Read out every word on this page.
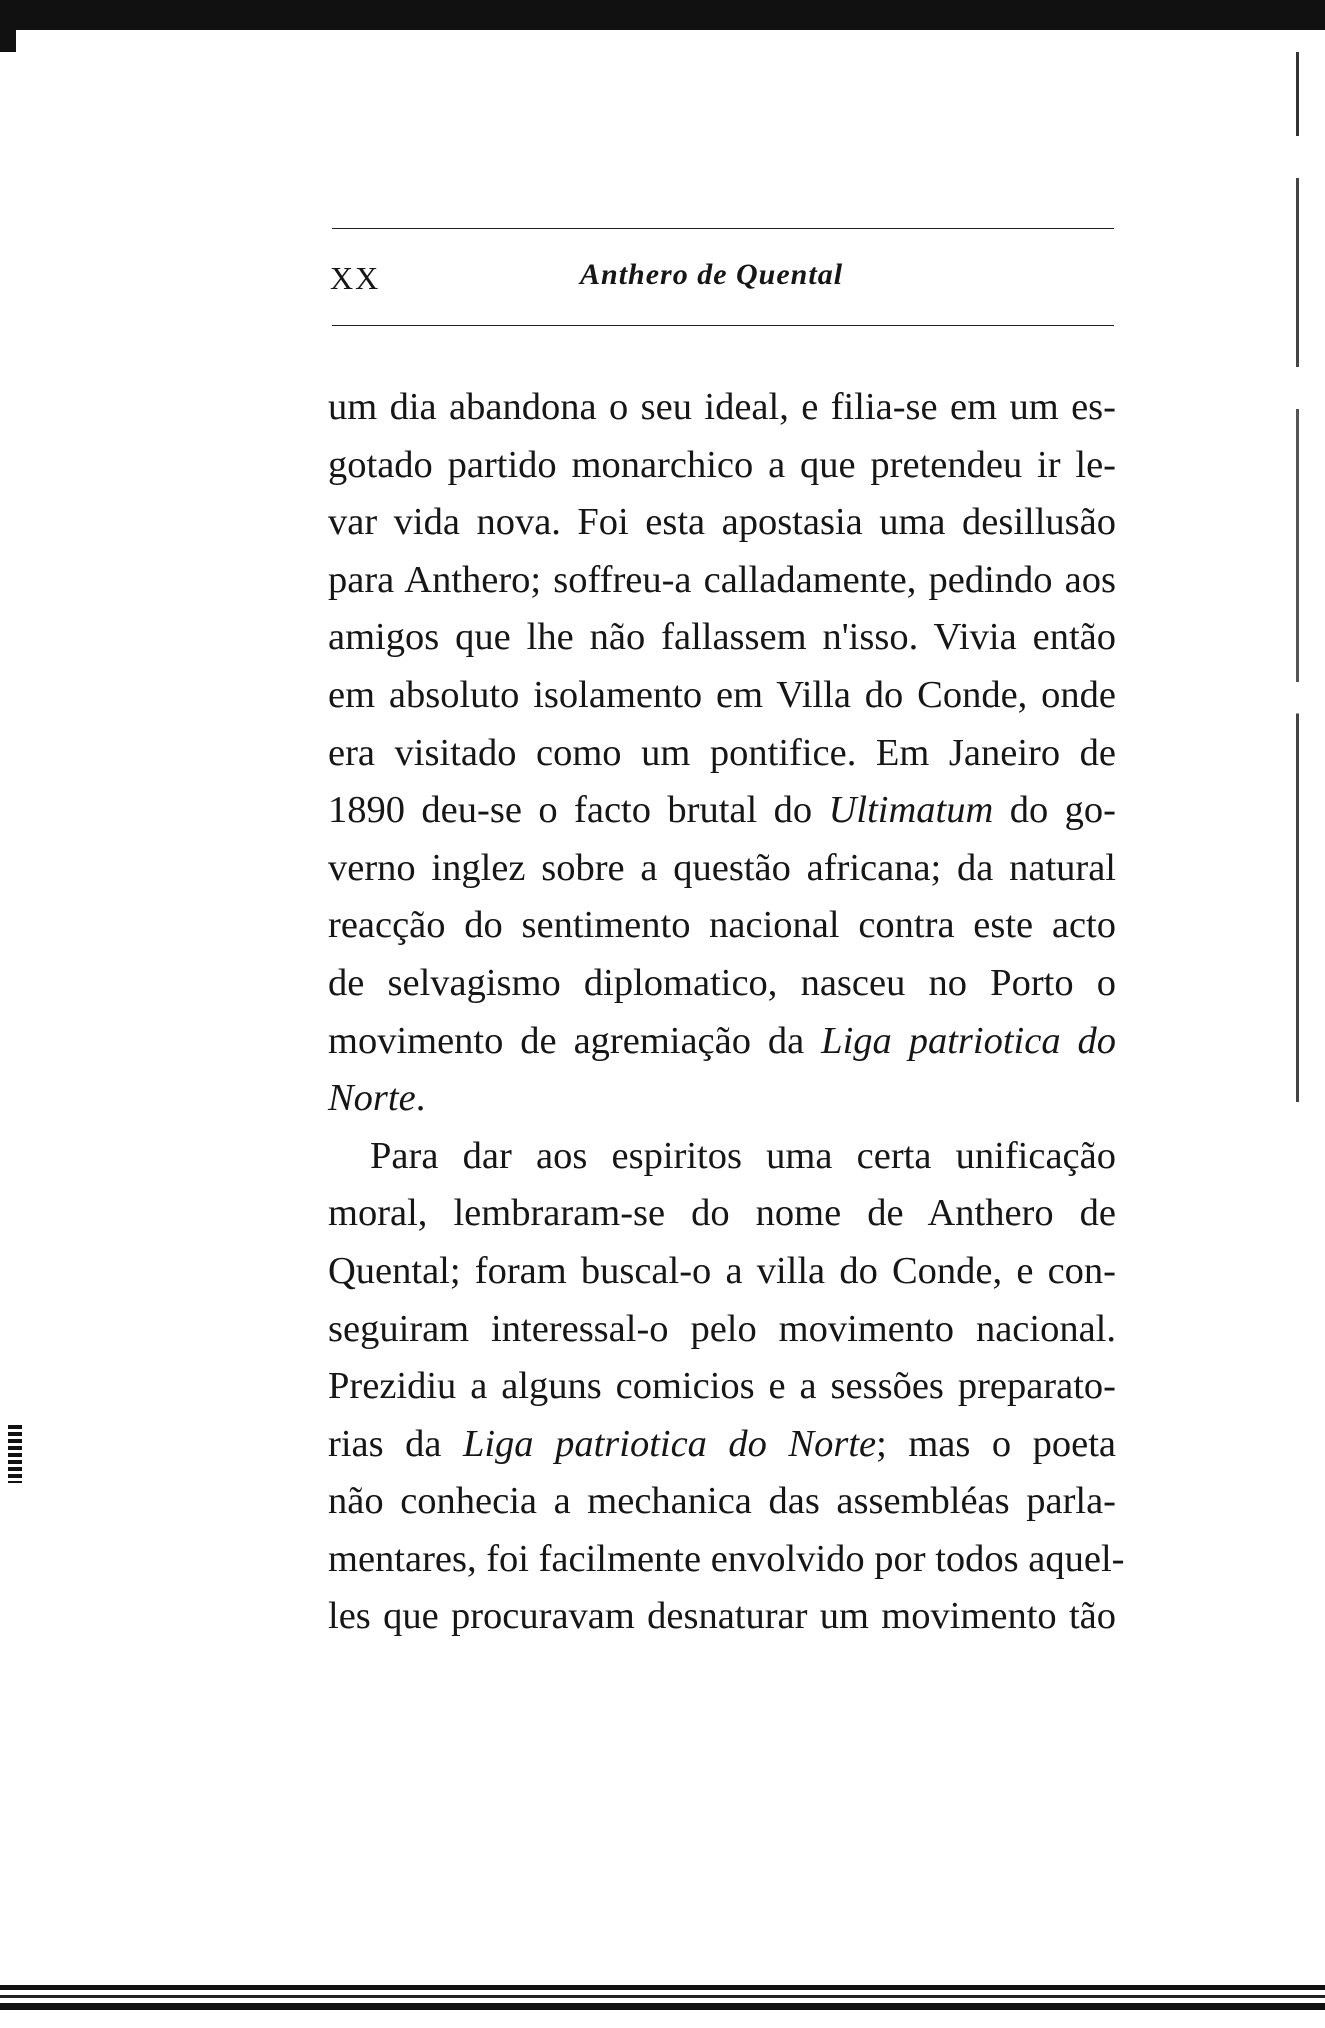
XX	Anthero de Quental
um dia abandona o seu ideal, e filia-se em um es-
gotado partido monarchico a que pretendeu ir le-
var vida nova. Foi esta apostasia uma desillusão
para Anthero; soffreu-a calladamente, pedindo aos
amigos que lhe não fallassem n'isso. Vivia então
em absoluto isolamento em Villa do Conde, onde
era visitado como um pontifice. Em Janeiro de
1890 deu-se o facto brutal do Ultimatum do go-
verno inglez sobre a questão africana; da natural
reacção do sentimento nacional contra este acto
de selvagismo diplomatico, nasceu no Porto o
movimento de agremiação da Liga patriotica do
Norte.
Para dar aos espiritos uma certa unificação
moral, lembraram-se do nome de Anthero de
Quental; foram buscal-o a villa do Conde, e con-
seguiram interessal-o pelo movimento nacional.
Prezidiu a alguns comicios e a sessões preparato-
rias da Liga patriotica do Norte; mas o poeta
não conhecia a mechanica das assembléas parla-
mentares, foi facilmente envolvido por todos aquel-
les que procuravam desnaturar um movimento tão
